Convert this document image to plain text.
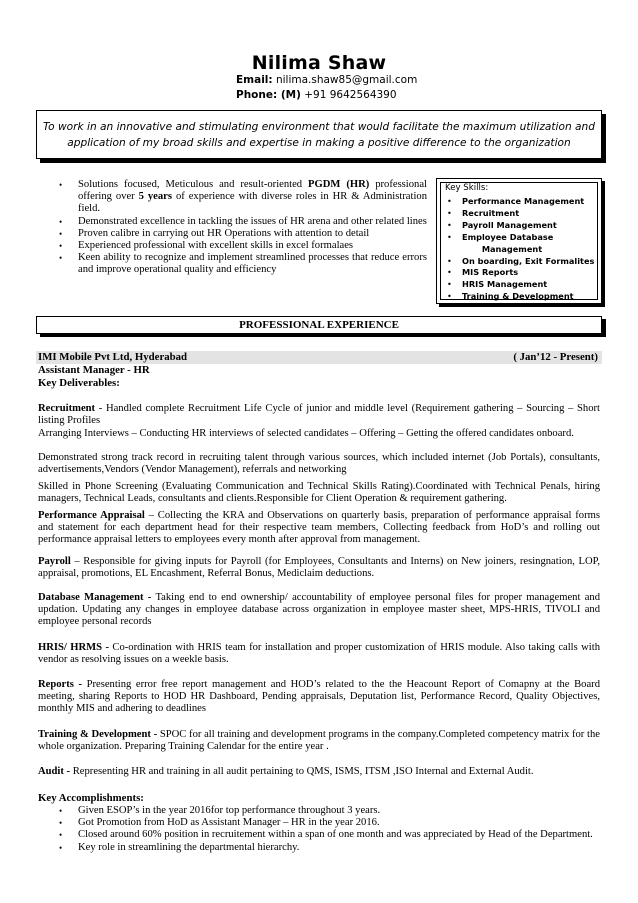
Nilima Shaw
Email: nilima.shaw85@gmail.com
Phone: (M) +91 9642564390
To work in an innovative and stimulating environment that would facilitate the maximum utilization and
application of my broad skills and expertise in making a positive difference to the organization
• Solutions focused, Meticulous and result-oriented PGDM (HR) professional offering over 5 years of experience with diverse roles in HR & Administration field.
• Demonstrated excellence in tackling the issues of HR arena and other related lines
• Proven calibre in carrying out HR Operations with attention to detail
• Experienced professional with excellent skills in excel formalaes
• Keen ability to recognize and implement streamlined processes that reduce errors and improve operational quality and efficiency
Key Skills:
• Performance Management
• Recruitment
• Payroll Management
• Employee Database
Management
• On boarding, Exit Formalites
• MIS Reports
• HRIS Management
• Training & Development
PROFESSIONAL EXPERIENCE
IMI Mobile Pvt Ltd, Hyderabad	( Jan’12 - Present)
Assistant Manager - HR
Key Deliverables:

Recruitment - Handled complete Recruitment Life Cycle of junior and middle level (Requirement gathering – Sourcing – Short listing Profiles

Arranging Interviews – Conducting HR interviews of selected candidates – Offering – Getting the offered candidates onboard.

Demonstrated strong track record in recruiting talent through various sources, which included internet (Job Portals), consultants, advertisements,Vendors (Vendor Management), referrals and networking

Skilled in Phone Screening (Evaluating Communication and Technical Skills Rating).Coordinated with Technical Penals, hiring managers, Technical Leads, consultants and clients.Responsible for Client Operation & requirement gathering.

Performance Appraisal – Collecting the KRA and Observations on quarterly basis, preparation of performance appraisal forms and statement for each department head for their respective team members, Collecting feedback from HoD’s and rolling out performance appraisal letters to employees every month after approval from management.

Payroll – Responsible for giving inputs for Payroll (for Employees, Consultants and Interns) on New joiners, resingnation, LOP, appraisal, promotions, EL Encashment, Referral Bonus, Mediclaim deductions.

Database Management - Taking end to end ownership/ accountability of employee personal files for proper management and updation. Updating any changes in employee database across organization in employee master sheet, MPS-HRIS, TIVOLI and employee personal records

HRIS/ HRMS - Co-ordination with HRIS team for installation and proper customization of HRIS module. Also taking calls with vendor as resolving issues on a weekle basis.

Reports - Presenting error free report management and HOD’s related to the the Heacount Report of Comapny at the Board meeting, sharing Reports to HOD HR Dashboard, Pending appraisals, Deputation list, Performance Record, Quality Objectives, monthly MIS and adhering to deadlines

Training & Development - SPOC for all training and development programs in the company.Completed competency matrix for the whole organization. Preparing Training Calendar for the entire year .

Audit - Representing HR and training in all audit pertaining to QMS, ISMS, ITSM ,ISO Internal and External Audit.

Key Accomplishments:
• Given ESOP’s in the year 2016for top performance throughout 3 years.
• Got Promotion from HoD as Assistant Manager – HR in the year 2016.
• Closed around 60% position in recruitement within a span of one month and was appreciated by Head of the Department.
• Key role in streamlining the departmental hierarchy.
